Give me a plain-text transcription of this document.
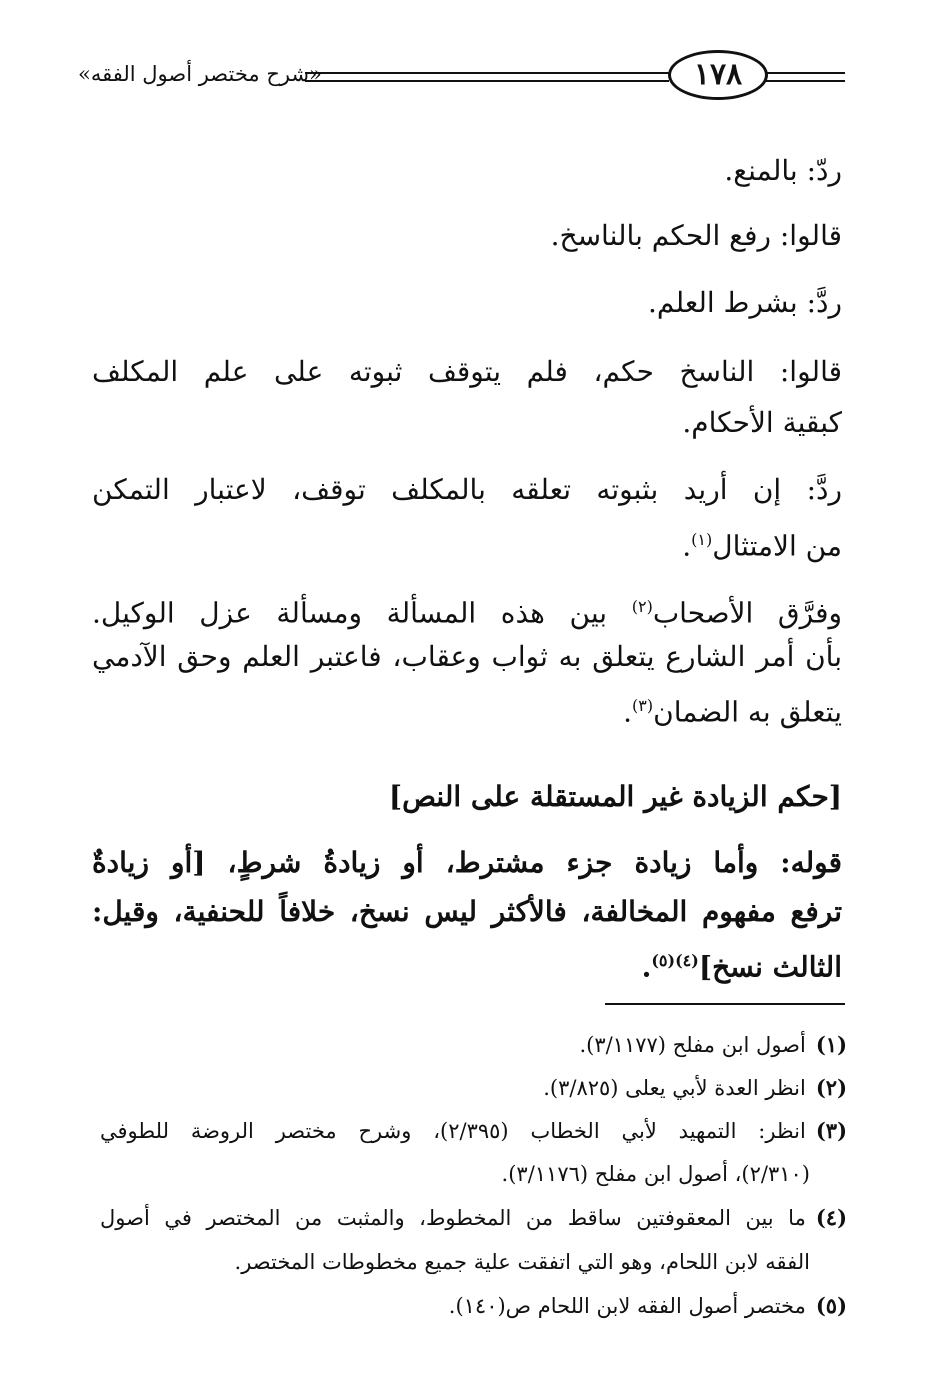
«شرح مختصر أصول الفقه»	١٧٨
ردّ: بالمنع.
قالوا: رفع الحكم بالناسخ.
ردَّ: بشرط العلم.
قالوا: الناسخ حكم، فلم يتوقف ثبوته على علم المكلف
كبقية الأحكام.
ردَّ: إن أريد بثبوته تعلقه بالمكلف توقف، لاعتبار التمكن
من الامتثال$^{(١)}$.
وفرَّق الأصحاب$^{(٢)}$ بين هذه المسألة ومسألة عزل الوكيل.
بأن أمر الشارع يتعلق به ثواب وعقاب، فاعتبر العلم وحق الآدمي
يتعلق به الضمان$^{(٣)}$.
[حكم الزيادة غير المستقلة على النص]
قوله: وأما زيادة جزء مشترط، أو زيادةُ شرطٍ، [أو زيادةٌ
ترفع مفهوم المخالفة، فالأكثر ليس نسخ، خلافاً للحنفية، وقيل:
الثالث نسخ]$^{(٤)(٥)}$.
(١)أصول ابن مفلح (٣/١١٧٧).
(٢)انظر العدة لأبي يعلى (٣/٨٢٥).
(٣)انظر: التمهيد لأبي الخطاب (٢/٣٩٥)، وشرح مختصر الروضة للطوفي
(٢/٣١٠)، أصول ابن مفلح (٣/١١٧٦).
(٤)ما بين المعقوفتين ساقط من المخطوط، والمثبت من المختصر في أصول
الفقه لابن اللحام، وهو التي اتفقت علية جميع مخطوطات المختصر.
(٥)مختصر أصول الفقه لابن اللحام ص(١٤٠).
